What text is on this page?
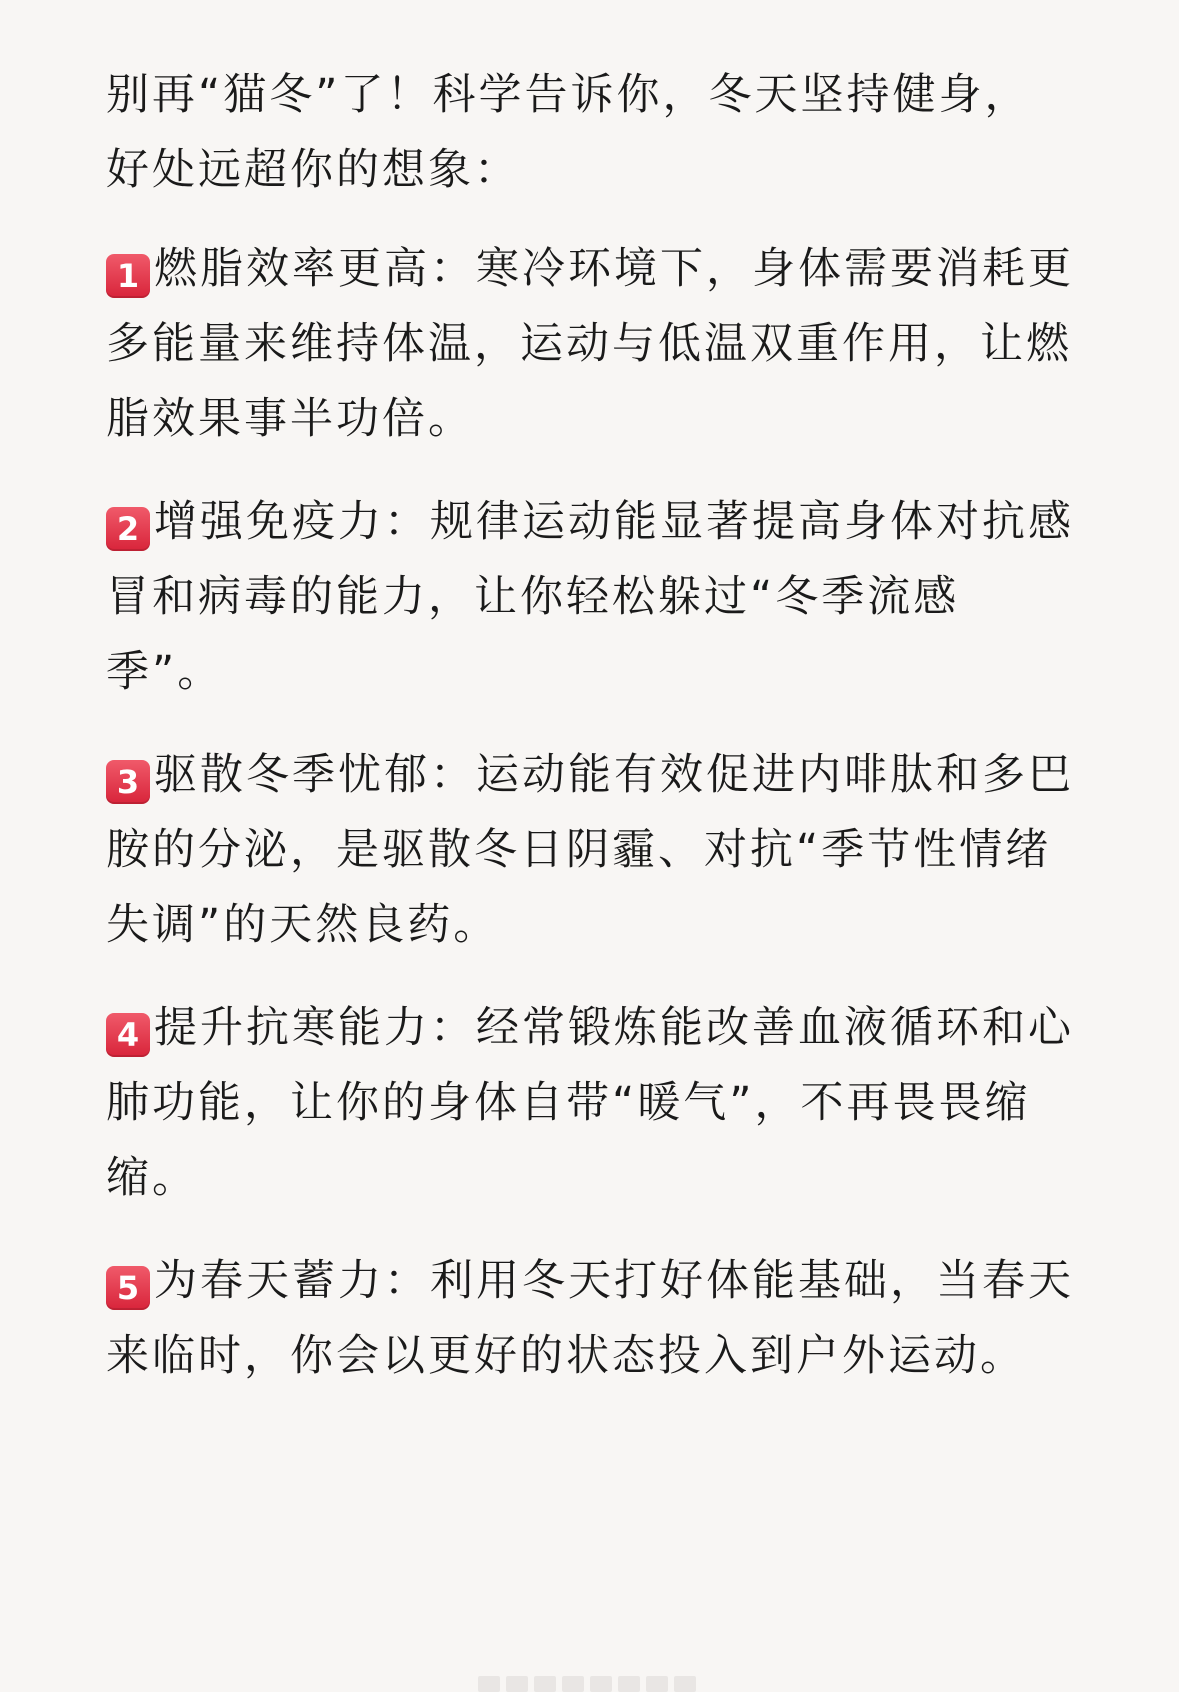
别再“猫冬”了！科学告诉你，冬天坚持健身，好处远超你的想象：

1 燃脂效率更高：寒冷环境下，身体需要消耗更多能量来维持体温，运动与低温双重作用，让燃脂效果事半功倍。

2 增强免疫力：规律运动能显著提高身体对抗感冒和病毒的能力，让你轻松躲过“冬季流感季”。

3 驱散冬季忧郁：运动能有效促进内啡肽和多巴胺的分泌，是驱散冬日阴霾、对抗“季节性情绪失调”的天然良药。

4 提升抗寒能力：经常锻炼能改善血液循环和心肺功能，让你的身体自带“暖气”，不再畏畏缩缩。

5 为春天蓄力：利用冬天打好体能基础，当春天来临时，你会以更好的状态投入到户外运动。
